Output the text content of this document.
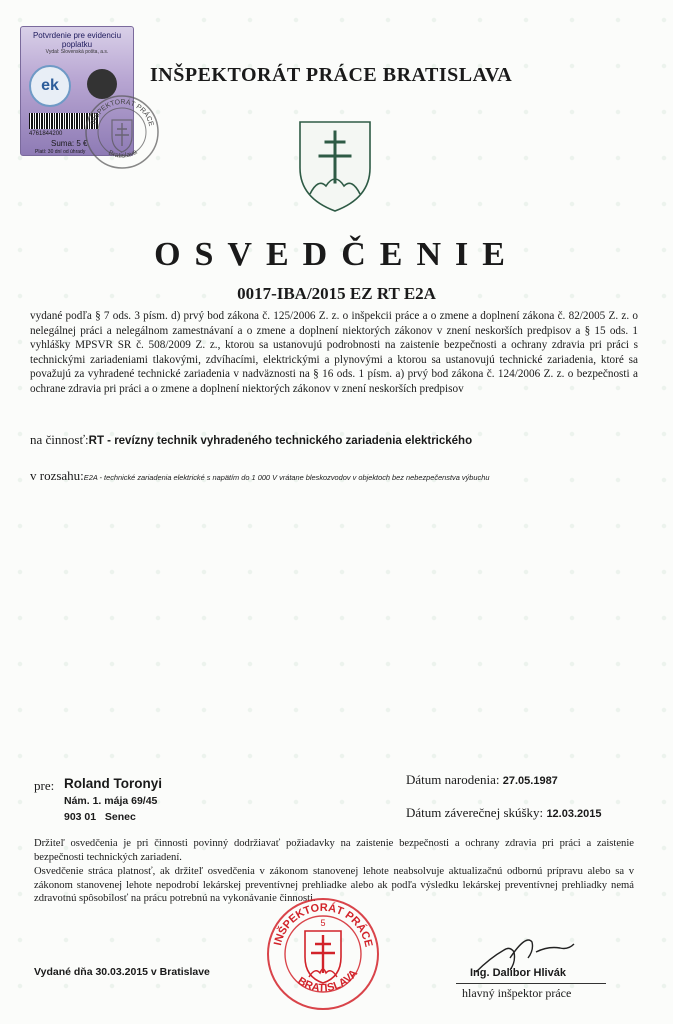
Potvrdenie pre evidenciu
poplatku
Vydal: Slovenská pošta, a.s.
ek
4761844200
Suma: 5 €
Platí: 30 dní od úhrady
INŠPEKTORÁT PRÁCE
Bratislava
INŠPEKTORÁT PRÁCE BRATISLAVA
OSVEDČENIE
0017-IBA/2015 EZ RT E2A
vydané podľa § 7 ods. 3 písm. d) prvý bod zákona č. 125/2006 Z. z. o inšpekcii práce a o zmene a doplnení zákona č. 82/2005 Z. z. o nelegálnej práci a nelegálnom zamestnávaní a o zmene a doplnení niektorých zákonov v znení neskorších predpisov a § 15 ods. 1 vyhlášky MPSVR SR č. 508/2009 Z. z., ktorou sa ustanovujú podrobnosti na zaistenie bezpečnosti a ochrany zdravia pri práci s technickými zariadeniami tlakovými, zdvíhacími, elektrickými a plynovými a ktorou sa ustanovujú technické zariadenia, ktoré sa považujú za vyhradené technické zariadenia v nadväznosti na § 16 ods. 1 písm. a) prvý bod zákona č. 124/2006 Z. z. o bezpečnosti a ochrane zdravia pri práci a o zmene a doplnení niektorých zákonov v znení neskorších predpisov
na činnosť:RT - revízny technik vyhradeného technického zariadenia elektrického
v rozsahu:E2A - technické zariadenia elektrické s napätím do 1 000 V vrátane bleskozvodov v objektoch bez nebezpečenstva výbuchu
pre: Roland Toronyi
Nám. 1. mája 69/45
903 01 Senec
Dátum narodenia: 27.05.1987
Dátum záverečnej skúšky: 12.03.2015
Držiteľ osvedčenia je pri činnosti povinný dodržiavať požiadavky na zaistenie bezpečnosti a ochrany zdravia pri práci a zaistenie bezpečnosti technických zariadení.
Osvedčenie stráca platnosť, ak držiteľ osvedčenia v zákonom stanovenej lehote neabsolvuje aktualizačnú odbornú prípravu alebo sa v zákonom stanovenej lehote nepodrobí lekárskej preventívnej prehliadke alebo ak podľa výsledku lekárskej preventívnej prehliadky nemá zdravotnú spôsobilosť na prácu potrebnú na vykonávanie činnosti.
Vydané dňa 30.03.2015 v Bratislave
INŠPEKTORÁT PRÁCE
BRATISLAVA
5
Ing. Dalibor Hlivák
hlavný inšpektor práce
